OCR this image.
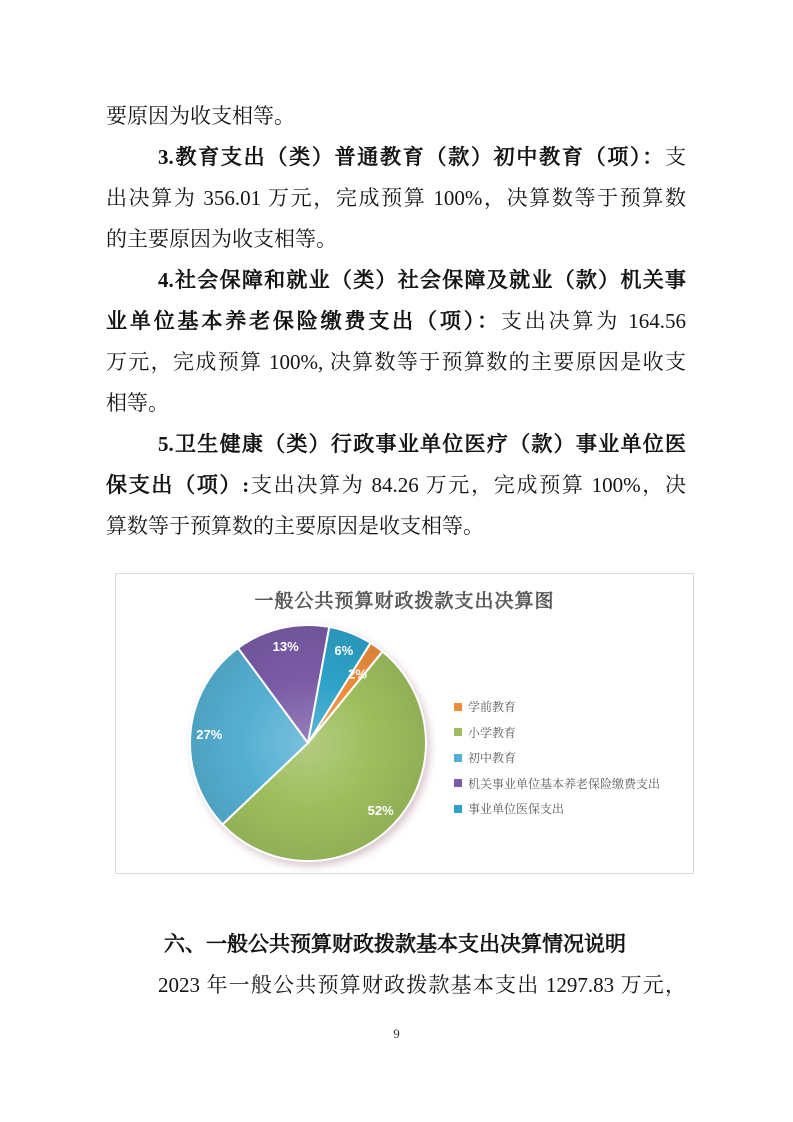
要原因为收支相等。
3.教育支出（类）普通教育（款）初中教育（项）：支
出决算为 356.01 万元，完成预算 100%，决算数等于预算数
的主要原因为收支相等。
4.社会保障和就业（类）社会保障及就业（款）机关事
业单位基本养老保险缴费支出（项）：支出决算为 164.56
万元，完成预算 100%, 决算数等于预算数的主要原因是收支
相等。
5.卫生健康（类）行政事业单位医疗（款）事业单位医
保支出（项）:支出决算为 84.26 万元，完成预算 100%，决
算数等于预算数的主要原因是收支相等。
2%
52%
27%
13%	6%
一般公共预算财政拨款支出决算图
学前教育
小学教育
初中教育
机关事业单位基本养老保险缴费支出
事业单位医保支出
六、一般公共预算财政拨款基本支出决算情况说明
2023 年一般公共预算财政拨款基本支出 1297.83 万元，
9
